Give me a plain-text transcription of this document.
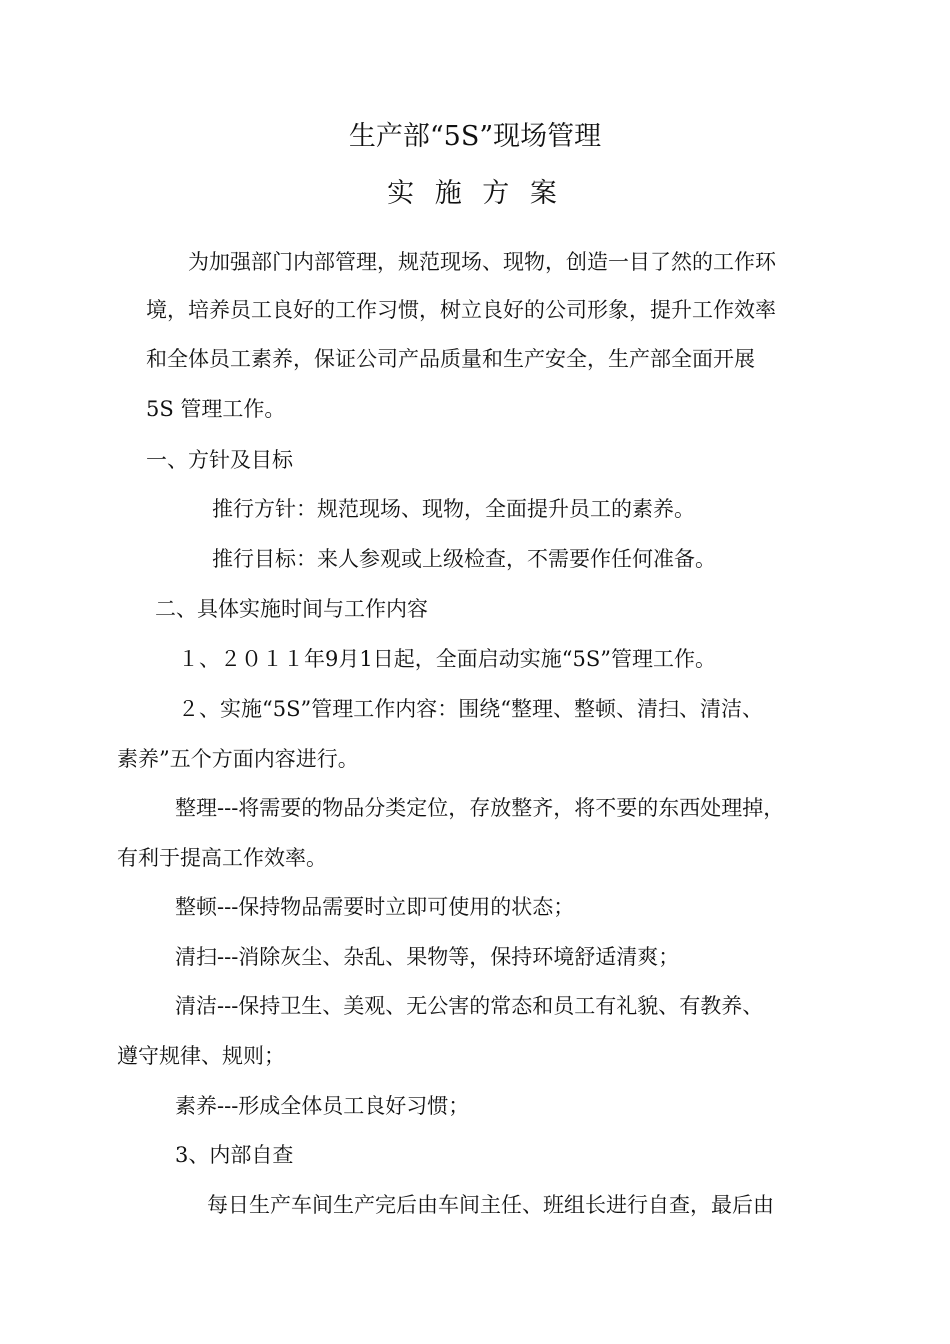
生产部“5S”现场管理
实 施 方 案
为加强部门内部管理，规范现场、现物，创造一目了然的工作环
境，培养员工良好的工作习惯，树立良好的公司形象，提升工作效率
和全体员工素养，保证公司产品质量和生产安全，生产部全面开展
5S 管理工作。
一、方针及目标
推行方针：规范现场、现物，全面提升员工的素养。
推行目标：来人参观或上级检查，不需要作任何准备。
二、具体实施时间与工作内容
１、２０１１年9月1日起，全面启动实施“5S”管理工作。
２、实施“5S”管理工作内容：围绕“整理、整顿、清扫、清洁、
素养”五个方面内容进行。
整理---将需要的物品分类定位，存放整齐，将不要的东西处理掉，
有利于提高工作效率。
整顿---保持物品需要时立即可使用的状态；
清扫---消除灰尘、杂乱、果物等，保持环境舒适清爽；
清洁---保持卫生、美观、无公害的常态和员工有礼貌、有教养、
遵守规律、规则；
素养---形成全体员工良好习惯；
3、内部自查
每日生产车间生产完后由车间主任、班组长进行自查，最后由
